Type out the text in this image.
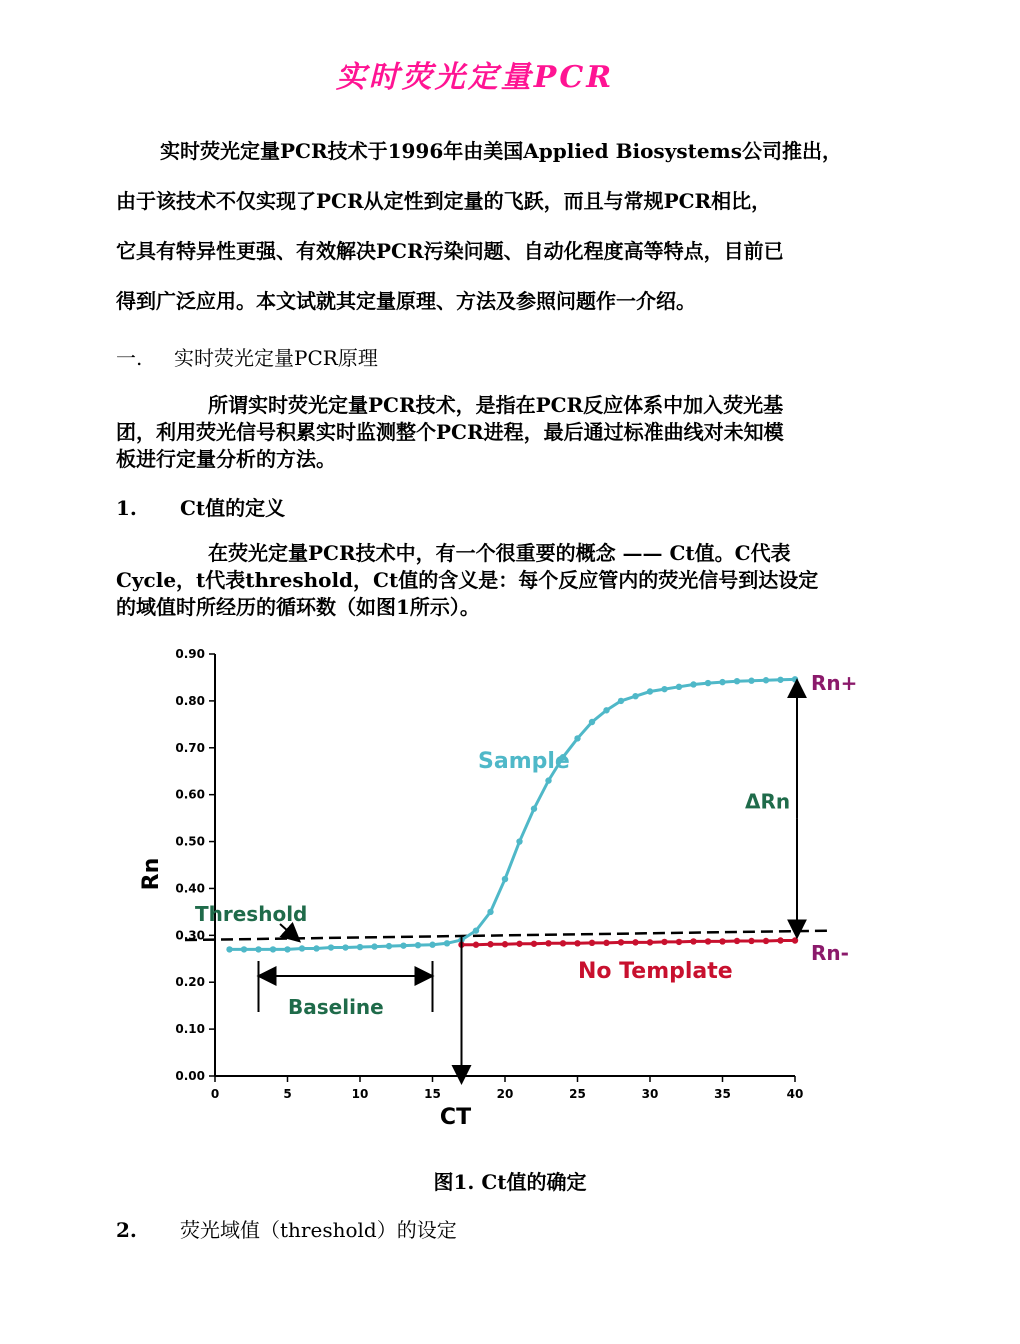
实时荧光定量PCR
实时荧光定量PCR技术于1996年由美国Applied Biosystems公司推出，
由于该技术不仅实现了PCR从定性到定量的飞跃，而且与常规PCR相比，
它具有特异性更强、有效解决PCR污染问题、自动化程度高等特点，目前已
得到广泛应用。本文试就其定量原理、方法及参照问题作一介绍。
一. 实时荧光定量PCR原理
所谓实时荧光定量PCR技术，是指在PCR反应体系中加入荧光基
团，利用荧光信号积累实时监测整个PCR进程，最后通过标准曲线对未知模
板进行定量分析的方法。
1. Ct值的定义
在荧光定量PCR技术中，有一个很重要的概念 —— Ct值。C代表
Cycle，t代表threshold，Ct值的含义是：每个反应管内的荧光信号到达设定
的域值时所经历的循环数（如图1所示）。
0.00
0.10
0.20
0.30
0.40
0.50
0.60
0.70
0.80
0.90
0	5	10	15	20	25	30	35	40
Rn
Threshold
Sample
No Template
Baseline
CT
ΔRn
Rn+
Rn-
图1. Ct值的确定
2. 荧光域值（threshold）的设定
